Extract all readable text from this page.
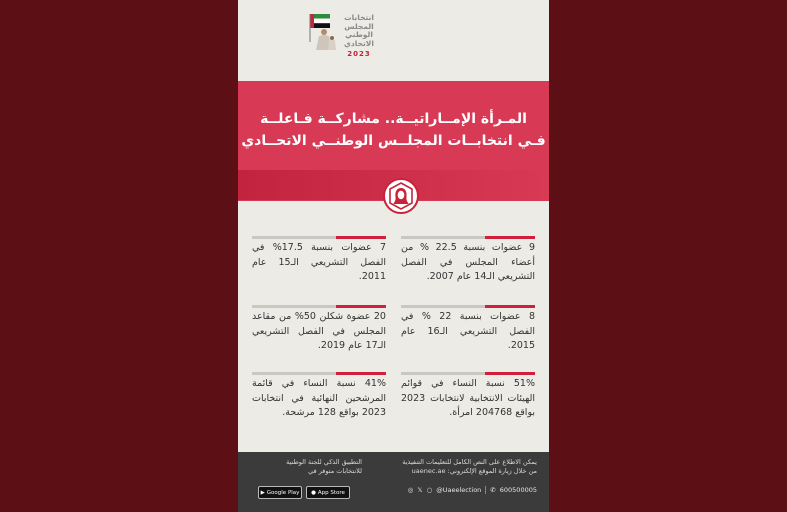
انتخابات
المجلس
الوطني
الاتحادي
2023
المـرأة الإمــاراتيــة.. مشاركــة فـاعلــة
فـي انتخابــات المجلــس الوطنــي الاتحــادي
9 عضوات بنسبة 22.5 % من أعضاء المجلس في الفصل التشريعي الـ14 عام 2007.
7 عضوات بنسبة 17.5% في الفصل التشريعي الـ15 عام 2011.
8 عضوات بنسبة 22 % في الفصل التشريعي الـ16 عام 2015.
20 عضوة شكلن 50% من مقاعد المجلس في الفصل التشريعي الـ17 عام 2019.
51% نسبة النساء في قوائم الهيئات الانتخابية لانتخابات 2023 بواقع 204768 امرأة.
41% نسبة النساء في قائمة المرشحين النهائية في انتخابات 2023 بواقع 128 مرشحة.
يمكن الاطلاع على النص الكامل للتعليمات التنفيذية
من خلال زيارة الموقع الإلكتروني: uaenec.ae
التطبيق الذكي للجنة الوطنية
للانتخابات متوفر في
◎ 𝕏 ○ @Uaeelection ✆ 600500005
▶ Google Play ● App Store
